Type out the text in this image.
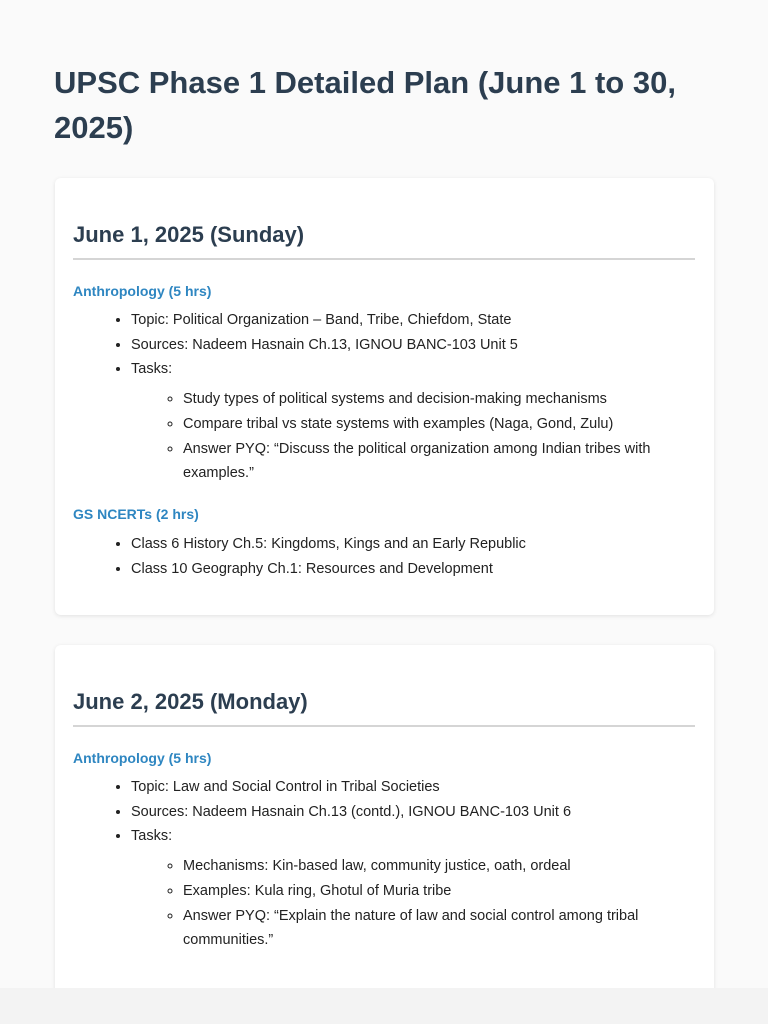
UPSC Phase 1 Detailed Plan (June 1 to 30, 2025)
June 1, 2025 (Sunday)
Anthropology (5 hrs)
• Topic: Political Organization – Band, Tribe, Chiefdom, State
• Sources: Nadeem Hasnain Ch.13, IGNOU BANC-103 Unit 5
• Tasks:
◦ Study types of political systems and decision-making mechanisms
◦ Compare tribal vs state systems with examples (Naga, Gond, Zulu)
◦ Answer PYQ: “Discuss the political organization among Indian tribes with examples.”
GS NCERTs (2 hrs)
• Class 6 History Ch.5: Kingdoms, Kings and an Early Republic
• Class 10 Geography Ch.1: Resources and Development
June 2, 2025 (Monday)
Anthropology (5 hrs)
• Topic: Law and Social Control in Tribal Societies
• Sources: Nadeem Hasnain Ch.13 (contd.), IGNOU BANC-103 Unit 6
• Tasks:
◦ Mechanisms: Kin-based law, community justice, oath, ordeal
◦ Examples: Kula ring, Ghotul of Muria tribe
◦ Answer PYQ: “Explain the nature of law and social control among tribal communities.”
